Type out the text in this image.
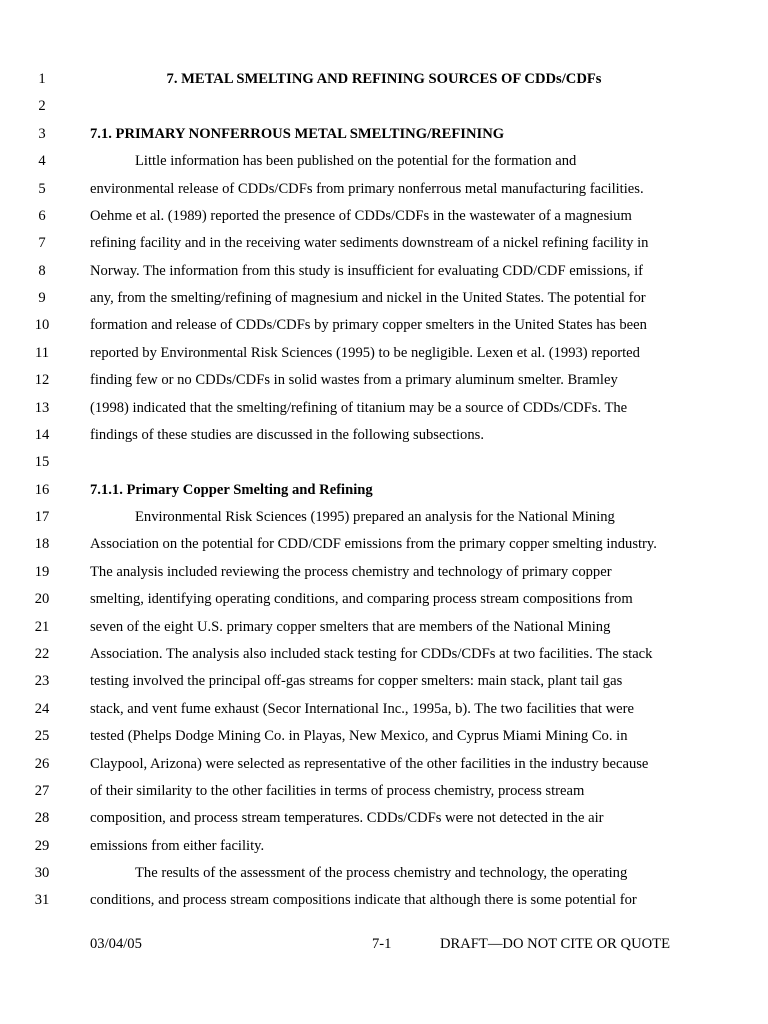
1	7. METAL SMELTING AND REFINING SOURCES OF CDDs/CDFs
2
3	7.1. PRIMARY NONFERROUS METAL SMELTING/REFINING
4	Little information has been published on the potential for the formation and
5	environmental release of CDDs/CDFs from primary nonferrous metal manufacturing facilities.
6	Oehme et al. (1989) reported the presence of CDDs/CDFs in the wastewater of a magnesium
7	refining facility and in the receiving water sediments downstream of a nickel refining facility in
8	Norway. The information from this study is insufficient for evaluating CDD/CDF emissions, if
9	any, from the smelting/refining of magnesium and nickel in the United States. The potential for
10	formation and release of CDDs/CDFs by primary copper smelters in the United States has been
11	reported by Environmental Risk Sciences (1995) to be negligible. Lexen et al. (1993) reported
12	finding few or no CDDs/CDFs in solid wastes from a primary aluminum smelter. Bramley
13	(1998) indicated that the smelting/refining of titanium may be a source of CDDs/CDFs. The
14	findings of these studies are discussed in the following subsections.
15
16	7.1.1. Primary Copper Smelting and Refining
17	Environmental Risk Sciences (1995) prepared an analysis for the National Mining
18	Association on the potential for CDD/CDF emissions from the primary copper smelting industry.
19	The analysis included reviewing the process chemistry and technology of primary copper
20	smelting, identifying operating conditions, and comparing process stream compositions from
21	seven of the eight U.S. primary copper smelters that are members of the National Mining
22	Association. The analysis also included stack testing for CDDs/CDFs at two facilities. The stack
23	testing involved the principal off-gas streams for copper smelters: main stack, plant tail gas
24	stack, and vent fume exhaust (Secor International Inc., 1995a, b). The two facilities that were
25	tested (Phelps Dodge Mining Co. in Playas, New Mexico, and Cyprus Miami Mining Co. in
26	Claypool, Arizona) were selected as representative of the other facilities in the industry because
27	of their similarity to the other facilities in terms of process chemistry, process stream
28	composition, and process stream temperatures. CDDs/CDFs were not detected in the air
29	emissions from either facility.
30	The results of the assessment of the process chemistry and technology, the operating
31	conditions, and process stream compositions indicate that although there is some potential for
03/04/05	7-1	DRAFT—DO NOT CITE OR QUOTE
